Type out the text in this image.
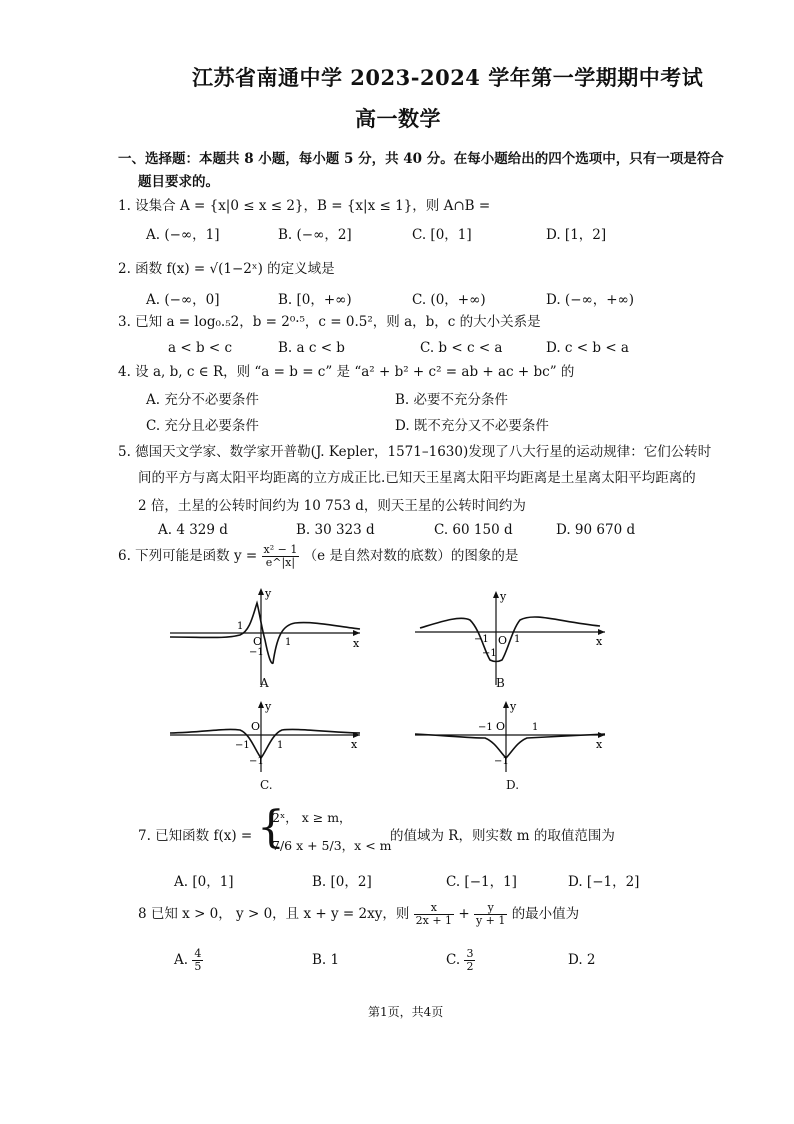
江苏省南通中学 2023-2024 学年第一学期期中考试
高一数学
一、选择题：本题共 8 小题，每小题 5 分，共 40 分。在每小题给出的四个选项中，只有一项是符合
题目要求的。
1. 设集合 A = {x|0 ≤ x ≤ 2}，B = {x|x ≤ 1}，则 A∩B =
A. (−∞，1]	B. (−∞，2]	C. [0，1]	D. [1，2]
2. 函数 f(x) = √(1−2ˣ) 的定义域是
A. (−∞，0]	B. [0，+∞)	C. (0，+∞)	D. (−∞，+∞)
3. 已知 a = log₀.₅2，b = 2⁰·⁵，c = 0.5²，则 a，b，c 的大小关系是
a < b < c	B. a c < b	C. b < c < a	D. c < b < a
4. 设 a, b, c ∈ R，则 “a = b = c” 是 “a² + b² + c² = ab + ac + bc” 的
A. 充分不必要条件	B. 必要不充分条件
C. 充分且必要条件	D. 既不充分又不必要条件
5. 德国天文学家、数学家开普勒(J. Kepler，1571–1630)发现了八大行星的运动规律：它们公转时
间的平方与离太阳平均距离的立方成正比.已知天王星离太阳平均距离是土星离太阳平均距离的
2 倍，土星的公转时间约为 10 753 d，则天王星的公转时间约为
A. 4 329 d	B. 30 323 d	C. 60 150 d	D. 90 670 d
6. 下列可能是函数 $y = \frac{\text{x² − 1}}{e\^{}|x|} (e$ 是自然对数的底数）的图象的是
y
x
O
1
−1
1
A
y
x
O
−1	1
−1
B
y
x
O
−1	1
−1
C.
y
x
O
−1	1
−1
D.
7. 已知函数 f(x) = {
2ˣ， x ≥ m，
7/6 x + 5/3，x < m
的值域为 R，则实数 m 的取值范围为
A. [0，1]	B. [0，2]	C. [−1，1]	D. [−1，2]
8 已知 x > 0， y > 0，且 x + y = 2xy，则 $\frac{x}{2x + 1} + \frac{y}{y + 1}$ 的最小值为
A. $\frac{4}{5}$	B. 1	C. $\frac{3}{2}$	D. 2
第1页，共4页
